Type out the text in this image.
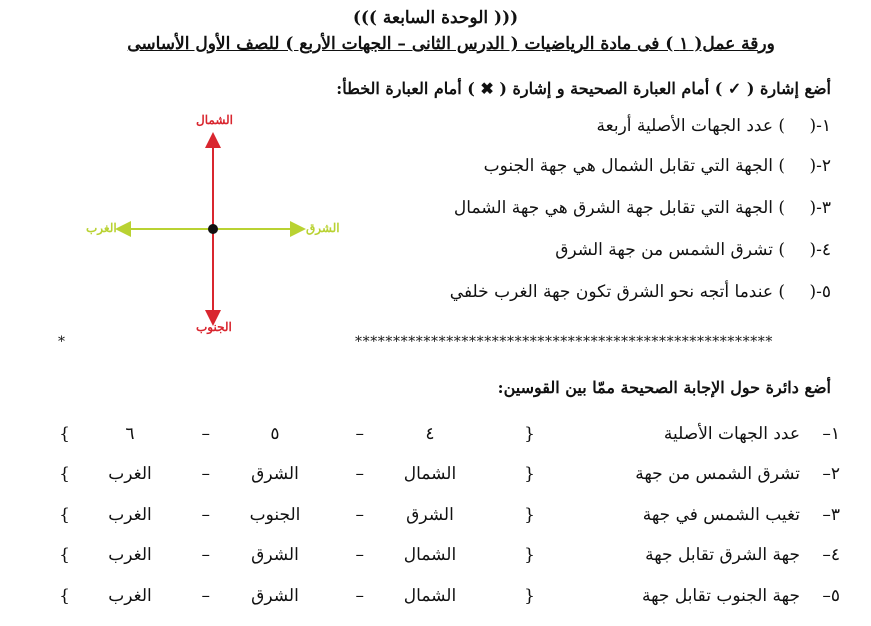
((( الوحدة السابعة )))
ورقة عمل( ١ ) فى مادة الرياضيات ( الدرس الثانى – الجهات الأربع ) للصف الأول الأساسى
أضع إشارة ( ✓ ) أمام العبارة الصحيحة و إشارة ( ✖ ) أمام العبارة الخطأ:
١-(
)
عدد الجهات الأصلية أربعة
٢-(
)
الجهة التي تقابل الشمال هي جهة الجنوب
٣-(
)
الجهة التي تقابل جهة الشرق هي جهة الشمال
٤-(
)
تشرق الشمس من جهة الشرق
٥-(
)
عندما أتجه نحو الشرق تكون جهة الغرب خلفي
الشمال
الجنوب
الشرق
الغرب
*	*******************************************************
أضع دائرة حول الإجابة الصحيحة ممّا بين القوسين:
١–
عدد الجهات الأصلية
{
٤
–
٥
–
٦
}
٢–
تشرق الشمس من جهة
{
الشمال
–
الشرق
–
الغرب
}
٣–
تغيب الشمس في جهة
{
الشرق
–
الجنوب
–
الغرب
}
٤–
جهة الشرق تقابل جهة
{
الشمال
–
الشرق
–
الغرب
}
٥–
جهة الجنوب تقابل جهة
{
الشمال
–
الشرق
–
الغرب
}
